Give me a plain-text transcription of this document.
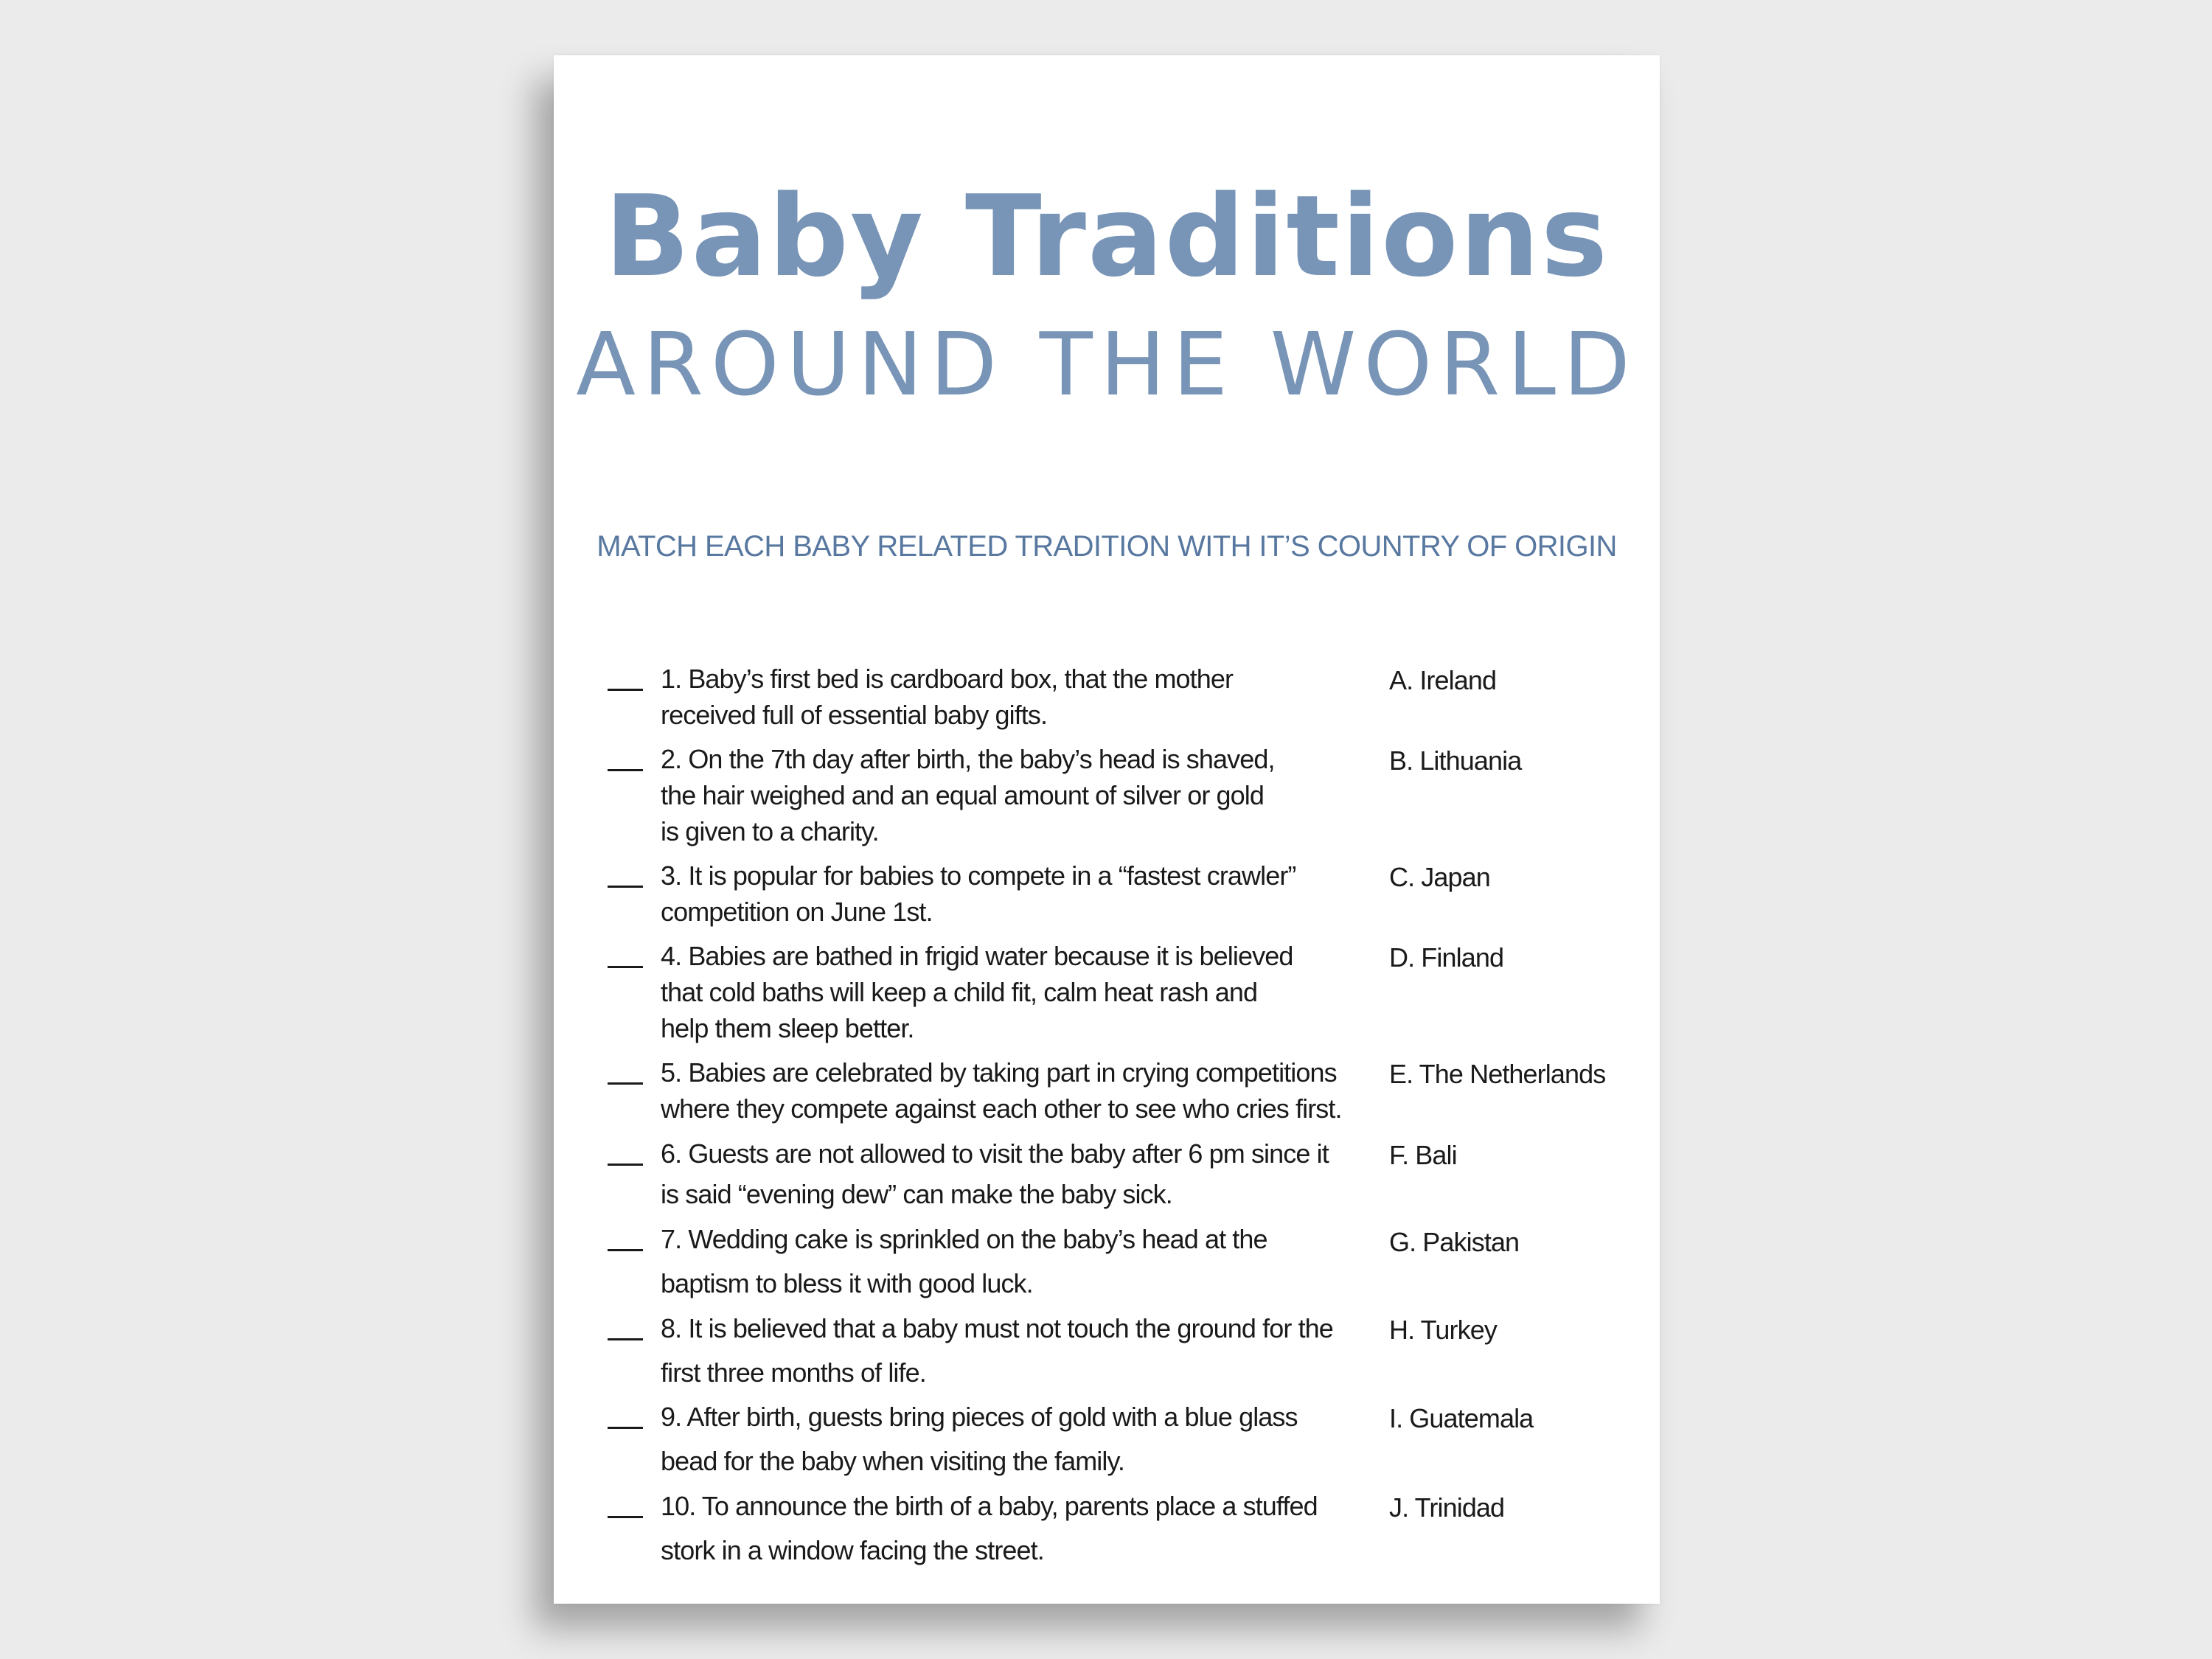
Baby Traditions
AROUND THE WORLD

MATCH EACH BABY RELATED TRADITION WITH IT’S COUNTRY OF ORIGIN

1. Baby’s first bed is cardboard box, that the mother
received full of essential baby gifts.
2. On the 7th day after birth, the baby’s head is shaved,
the hair weighed and an equal amount of silver or gold
is given to a charity.
3. It is popular for babies to compete in a “fastest crawler”
competition on June 1st.
4. Babies are bathed in frigid water because it is believed
that cold baths will keep a child fit, calm heat rash and
help them sleep better.
5. Babies are celebrated by taking part in crying competitions
where they compete against each other to see who cries first.
6. Guests are not allowed to visit the baby after 6 pm since it
is said “evening dew” can make the baby sick.
7. Wedding cake is sprinkled on the baby’s head at the
baptism to bless it with good luck.
8. It is believed that a baby must not touch the ground for the
first three months of life.
9. After birth, guests bring pieces of gold with a blue glass
bead for the baby when visiting the family.
10. To announce the birth of a baby, parents place a stuffed
stork in a window facing the street.
A. Ireland
B. Lithuania
C. Japan
D. Finland
E. The Netherlands
F. Bali
G. Pakistan
H. Turkey
I. Guatemala
J. Trinidad
